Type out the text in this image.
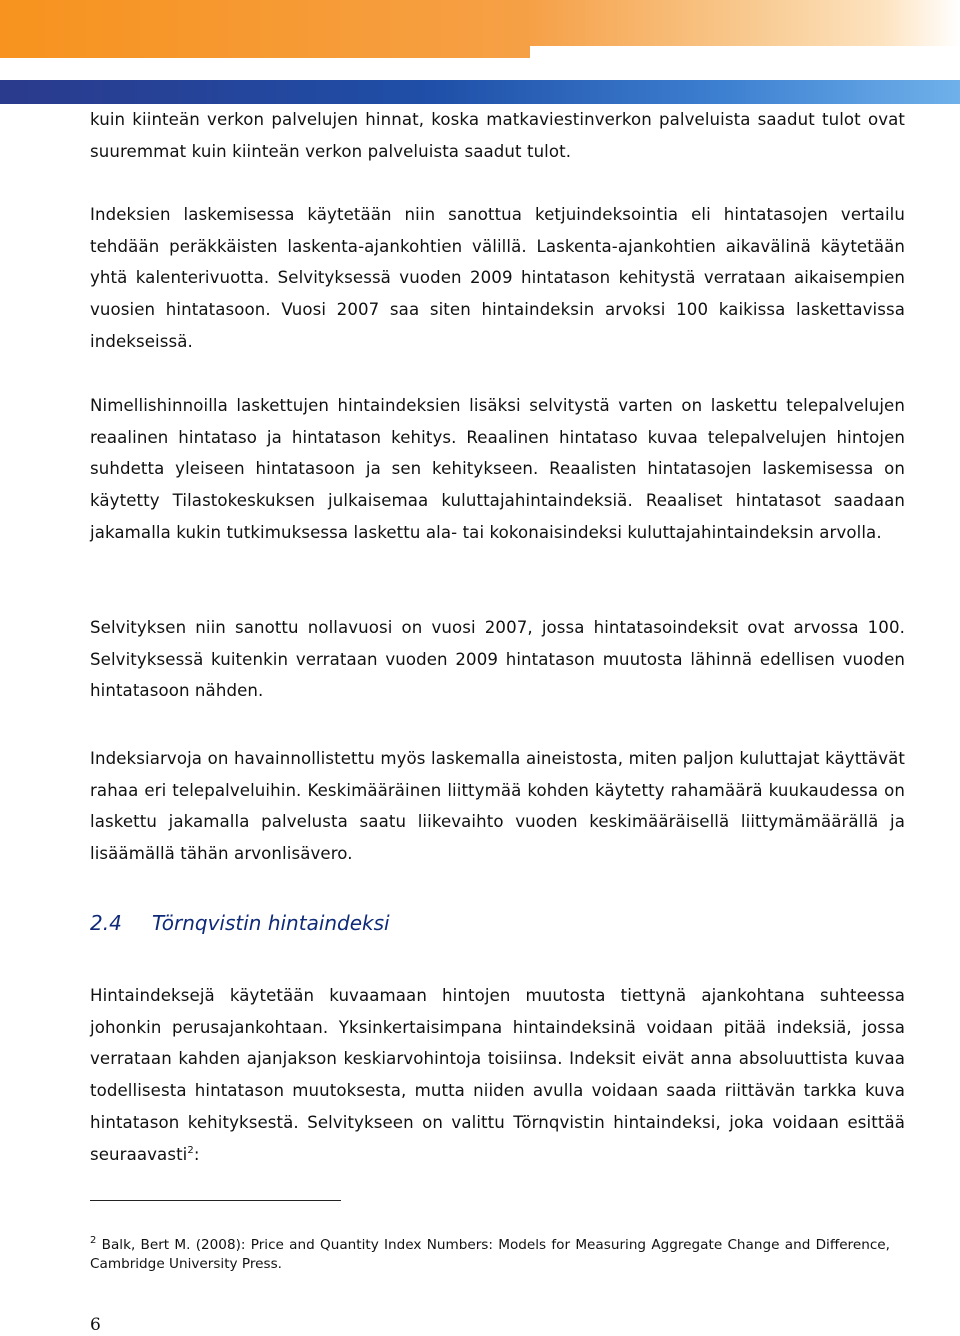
kuin kiinteän verkon palvelujen hinnat, koska matkaviestinverkon palveluista saadut tulot ovat suuremmat kuin kiinteän verkon palveluista saadut tulot.

Indeksien laskemisessa käytetään niin sanottua ketjuindeksointia eli hintatasojen vertailu tehdään peräkkäisten laskenta-ajankohtien välillä. Laskenta-ajankohtien aikavälinä käytetään yhtä kalenterivuotta. Selvityksessä vuoden 2009 hintatason kehitystä verrataan aikaisempien vuosien hintatasoon. Vuosi 2007 saa siten hintaindeksin arvoksi 100 kaikissa laskettavissa indekseissä.

Nimellishinnoilla laskettujen hintaindeksien lisäksi selvitystä varten on laskettu telepalvelujen reaalinen hintataso ja hintatason kehitys. Reaalinen hintataso kuvaa telepalvelujen hintojen suhdetta yleiseen hintatasoon ja sen kehitykseen. Reaalisten hintatasojen laskemisessa on käytetty Tilastokeskuksen julkaisemaa kuluttajahintaindeksiä. Reaaliset hintatasot saadaan jakamalla kukin tutkimuksessa laskettu ala- tai kokonaisindeksi kuluttajahintaindeksin arvolla.

Selvityksen niin sanottu nollavuosi on vuosi 2007, jossa hintatasoindeksit ovat arvossa 100. Selvityksessä kuitenkin verrataan vuoden 2009 hintatason muutosta lähinnä edellisen vuoden hintatasoon nähden.

Indeksiarvoja on havainnollistettu myös laskemalla aineistosta, miten paljon kuluttajat käyttävät rahaa eri telepalveluihin. Keskimääräinen liittymää kohden käytetty rahamäärä kuukaudessa on laskettu jakamalla palvelusta saatu liikevaihto vuoden keskimääräisellä liittymämäärällä ja lisäämällä tähän arvonlisävero.

2.4 Törnqvistin hintaindeksi

Hintaindeksejä käytetään kuvaamaan hintojen muutosta tiettynä ajankohtana suhteessa johonkin perusajankohtaan. Yksinkertaisimpana hintaindeksinä voidaan pitää indeksiä, jossa verrataan kahden ajanjakson keskiarvohintoja toisiinsa. Indeksit eivät anna absoluuttista kuvaa todellisesta hintatason muutoksesta, mutta niiden avulla voidaan saada riittävän tarkka kuva hintatason kehityksestä. Selvitykseen on valittu Törnqvistin hintaindeksi, joka voidaan esittää seuraavasti$^2$:

$^2$ Balk, Bert M. (2008): Price and Quantity Index Numbers: Models for Measuring Aggregate Change and Difference, Cambridge University Press.
6
